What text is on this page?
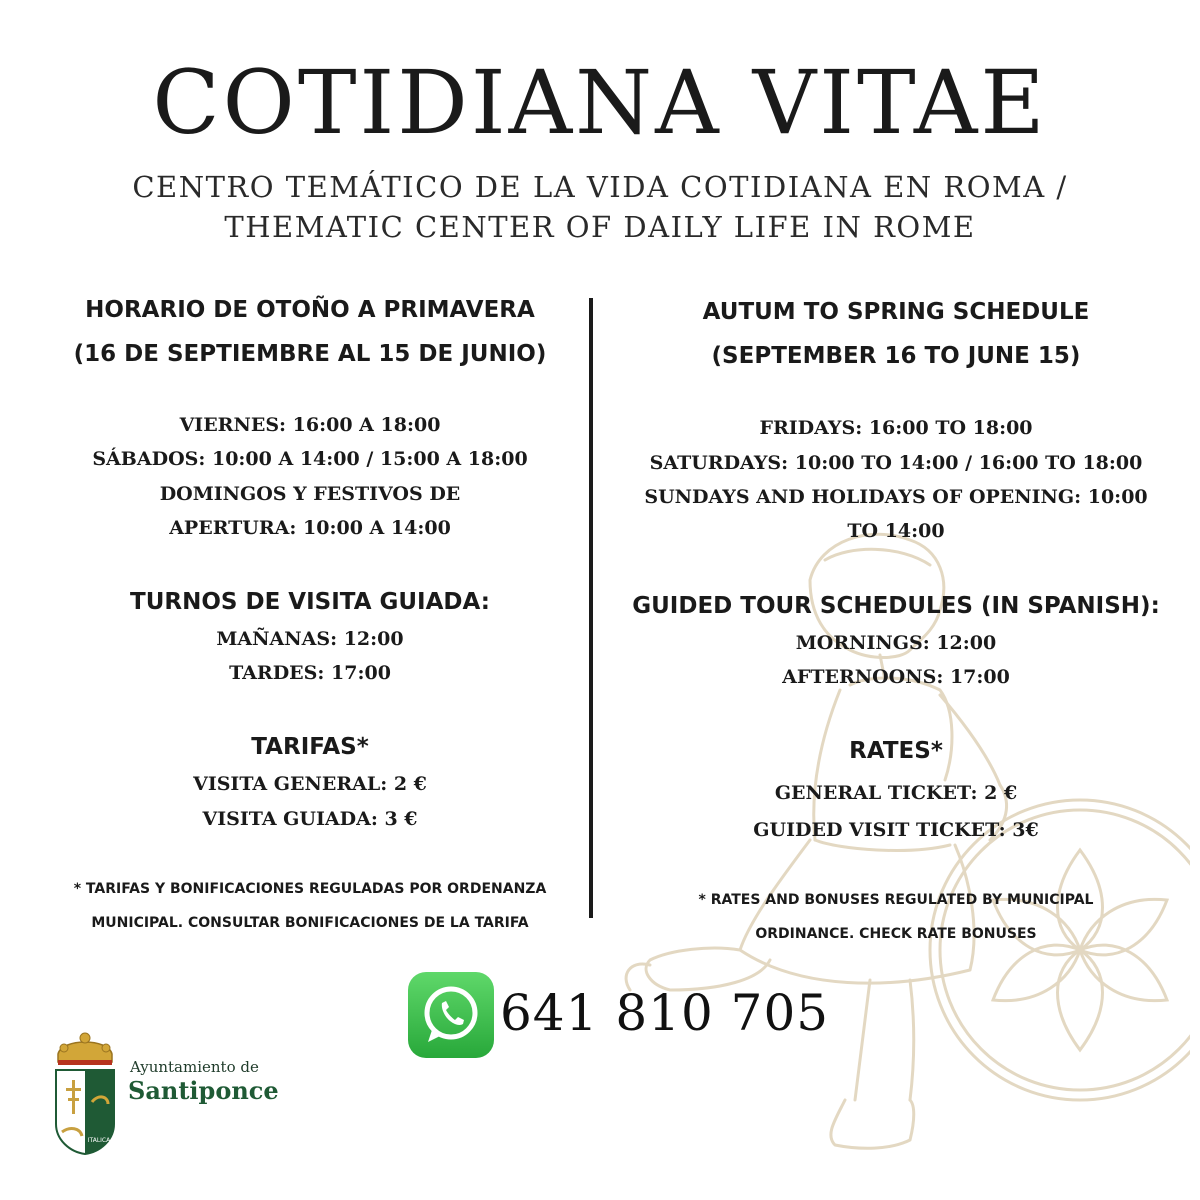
COTIDIANA VITAE
CENTRO TEMÁTICO DE LA VIDA COTIDIANA EN ROMA /
THEMATIC CENTER OF DAILY LIFE IN ROME
HORARIO DE OTOÑO A PRIMAVERA
(16 DE SEPTIEMBRE AL 15 DE JUNIO)
VIERNES: 16:00 A 18:00
SÁBADOS: 10:00 A 14:00 / 15:00 A 18:00
DOMINGOS Y FESTIVOS DE
APERTURA: 10:00 A 14:00
TURNOS DE VISITA GUIADA:
MAÑANAS: 12:00
TARDES: 17:00
TARIFAS*
VISITA GENERAL: 2 €
VISITA GUIADA: 3 €
* TARIFAS Y BONIFICACIONES REGULADAS POR ORDENANZA
MUNICIPAL. CONSULTAR BONIFICACIONES DE LA TARIFA
AUTUM TO SPRING SCHEDULE
(SEPTEMBER 16 TO JUNE 15)
FRIDAYS: 16:00 TO 18:00
SATURDAYS: 10:00 TO 14:00 / 16:00 TO 18:00
SUNDAYS AND HOLIDAYS OF OPENING: 10:00
TO 14:00
GUIDED TOUR SCHEDULES (IN SPANISH):
MORNINGS: 12:00
AFTERNOONS: 17:00
RATES*
GENERAL TICKET: 2 €
GUIDED VISIT TICKET: 3€
* RATES AND BONUSES REGULATED BY MUNICIPAL
ORDINANCE. CHECK RATE BONUSES
641 810 705
ITALICA
Ayuntamiento de
Santiponce
